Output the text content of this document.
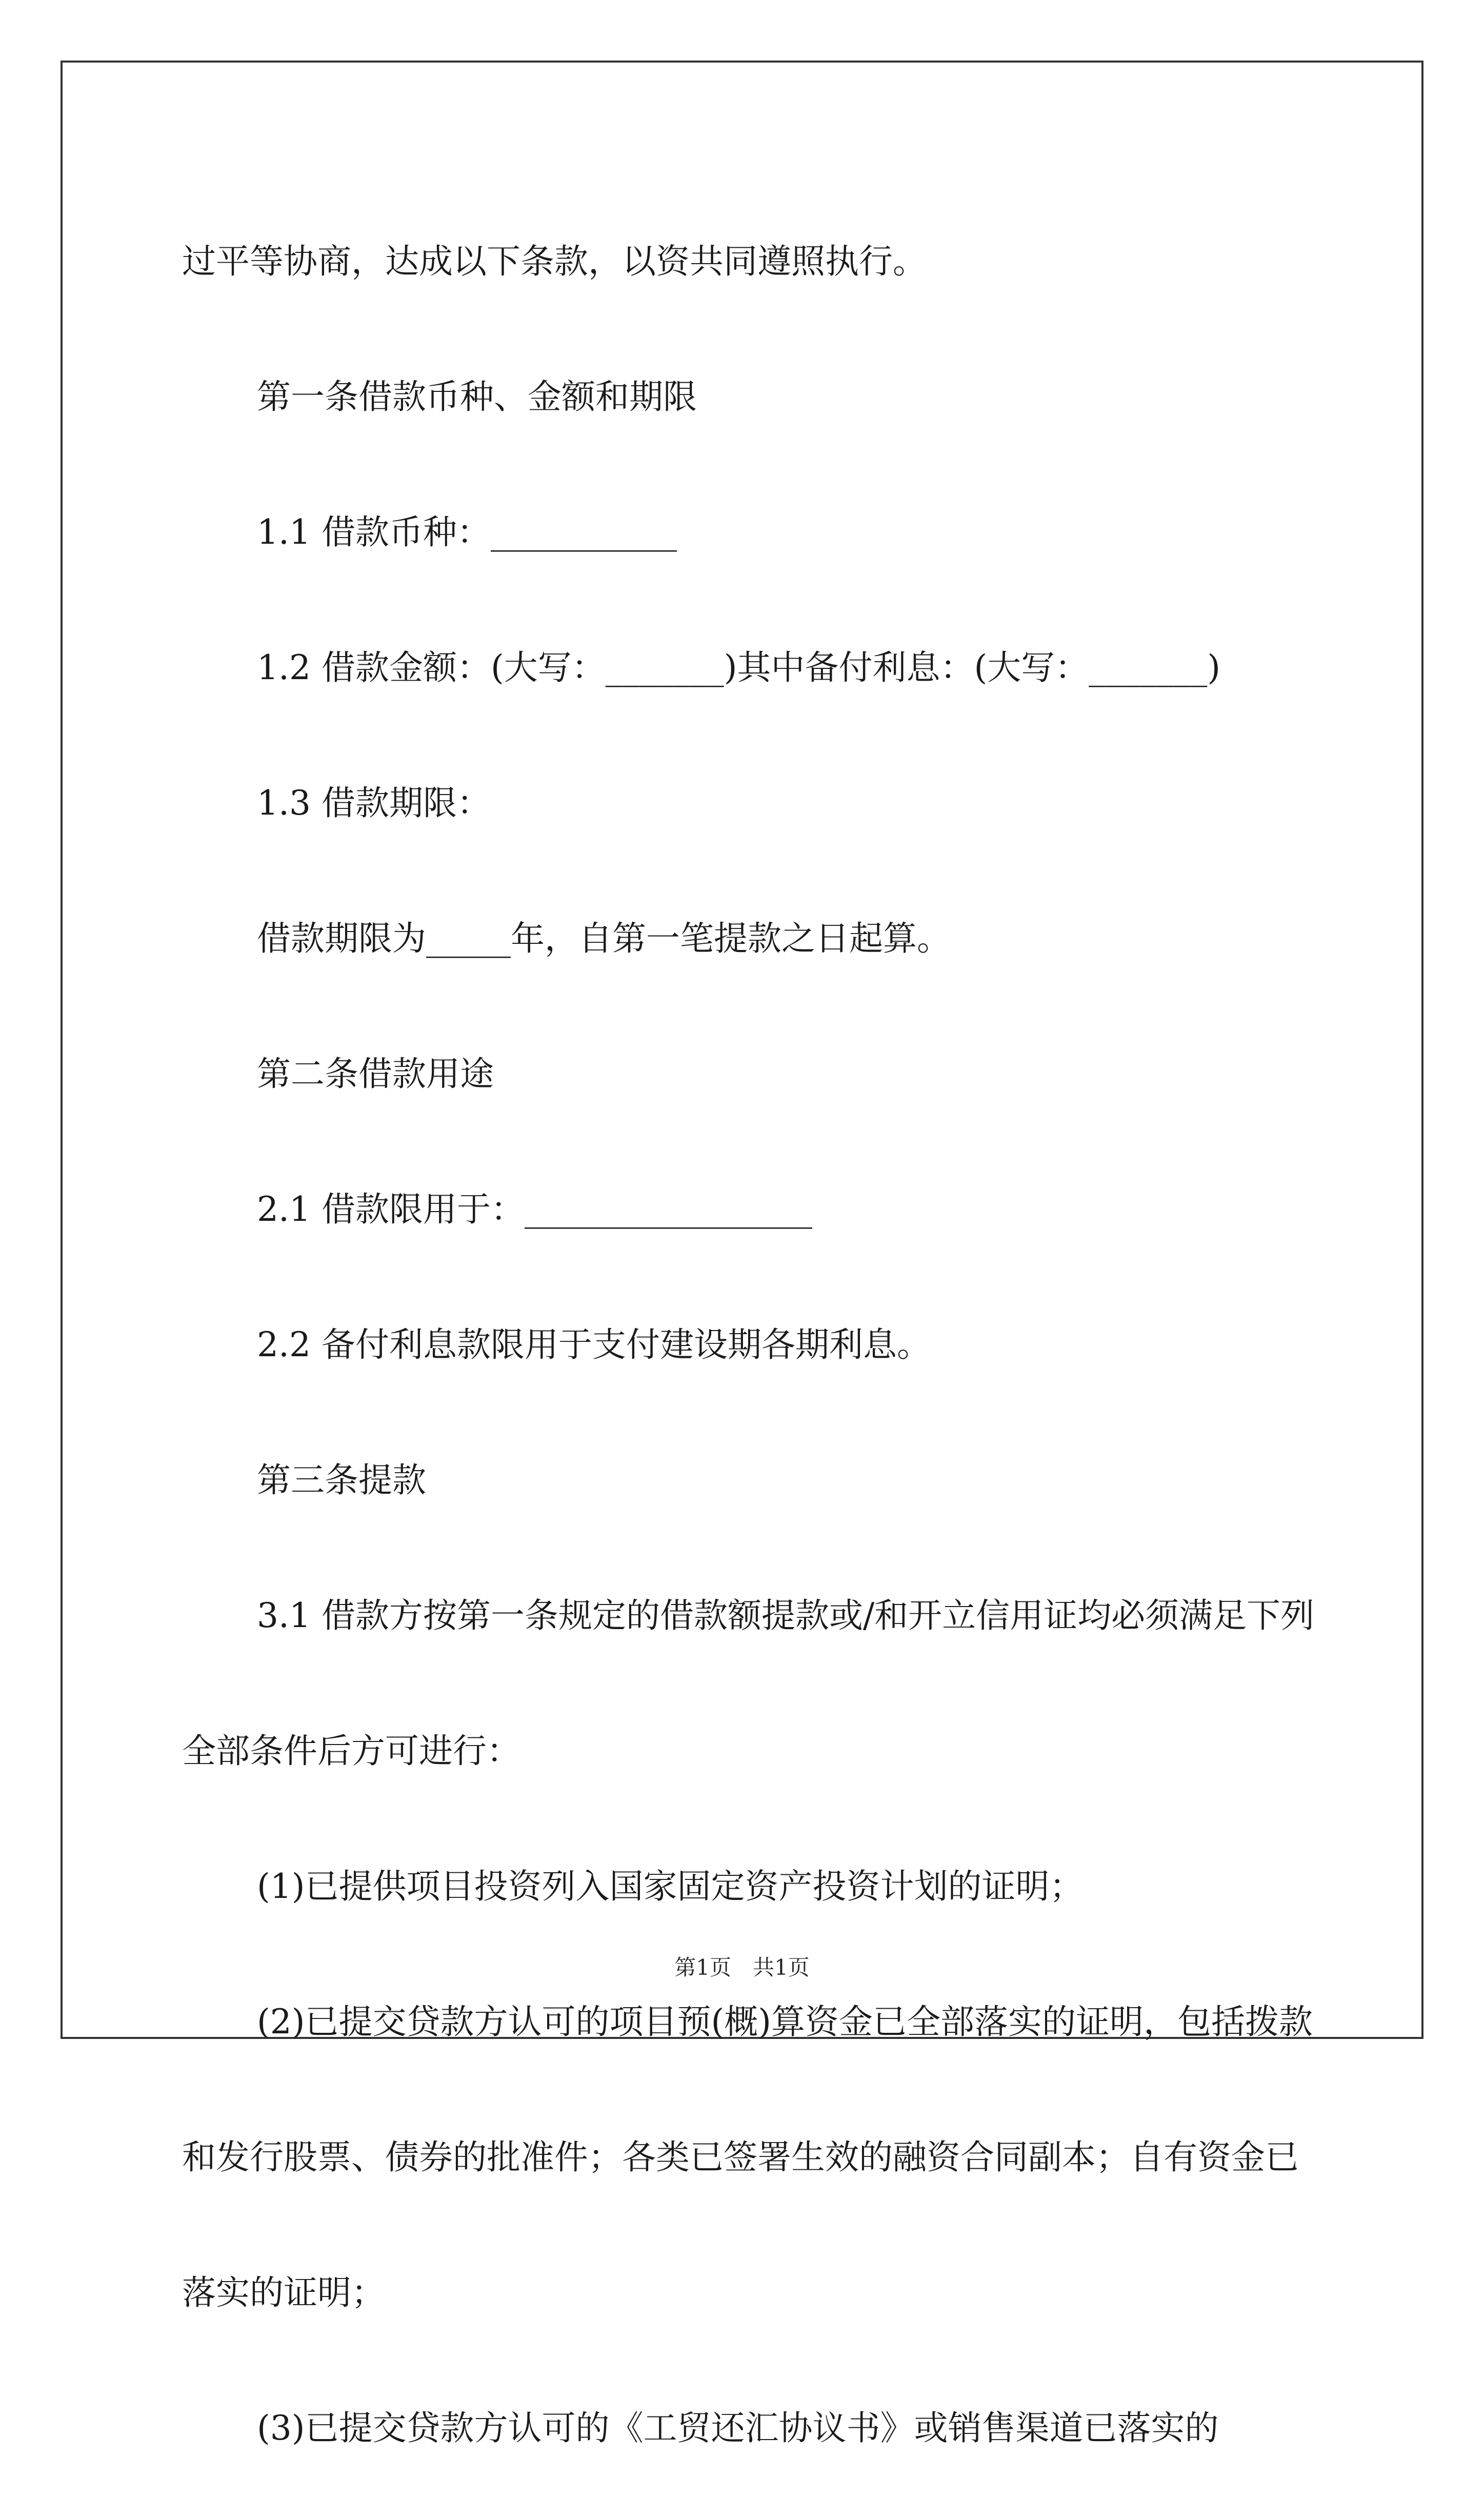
过平等协商，达成以下条款，以资共同遵照执行。

第一条借款币种、金额和期限

1.1 借款币种：___________

1.2 借款金额：(大写：_______)其中备付利息：(大写：_______)

1.3 借款期限：

借款期限为_____年，自第一笔提款之日起算。

第二条借款用途

2.1 借款限用于：_________________

2.2 备付利息款限用于支付建设期各期利息。

第三条提款

3.1 借款方按第一条规定的借款额提款或/和开立信用证均必须满足下列全部条件后方可进行：

(1)已提供项目投资列入国家固定资产投资计划的证明；

(2)已提交贷款方认可的项目预(概)算资金已全部落实的证明，包括拨款和发行股票、债券的批准件；各类已签署生效的融资合同副本；自有资金已落实的证明；

(3)已提交贷款方认可的《工贸还汇协议书》或销售渠道已落实的

第1页　共1页
